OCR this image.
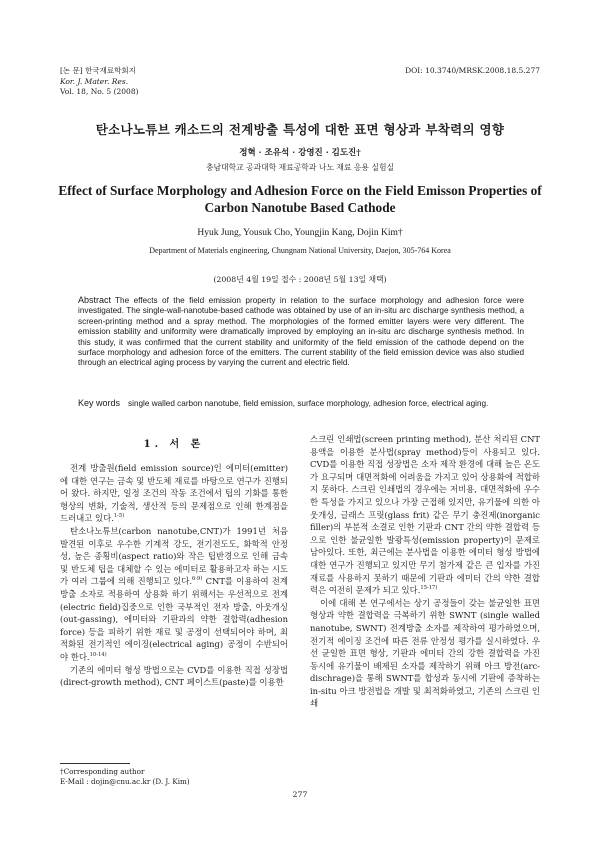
[논 문] 한국재료학회지
Kor. J. Mater. Res.
Vol. 18, No. 5 (2008)
DOI: 10.3740/MRSK.2008.18.5.277
탄소나노튜브 캐소드의 전계방출 특성에 대한 표면 형상과 부착력의 영향
정혁 · 조유석 · 강영진 · 김도진†
충남대학교 공과대학 재료공학과 나노 재료 응용 실험실
Effect of Surface Morphology and Adhesion Force on the Field Emisson Properties of Carbon Nanotube Based Cathode
Hyuk Jung, Yousuk Cho, Youngjin Kang, Dojin Kim†
Department of Materials engineering, Chungnam National University, Daejon, 305-764 Korea
(2008년 4월 19일 접수 : 2008년 5월 13일 채택)
Abstract The effects of the field emission property in relation to the surface morphology and adhesion force were investigated. The single-wall-nanotube-based cathode was obtained by use of an in-situ arc discharge synthesis method, a screen-printing method and a spray method. The morphologies of the formed emitter layers were very different. The emission stability and uniformity were dramatically improved by employing an in-situ arc discharge synthesis method. In this study, it was confirmed that the current stability and uniformity of the field emission of the cathode depend on the surface morphology and adhesion force of the emitters. The current stability of the field emission device was also studied through an electrical aging process by varying the current and electric field.
Key words single walled carbon nanotube, field emission, surface morphology, adhesion force, electrical aging.
1. 서 론

전계 방출원(field emission source)인 에미터(emitter)에 대한 연구는 금속 및 반도체 재료를 바탕으로 연구가 진행되어 왔다. 하지만, 일정 조건의 작동 조건에서 팁의 기화를 통한 형상의 변화, 기술적, 생산적 등의 문제점으로 인해 한계점을 드러내고 있다.$^{1-5)}$

탄소나노튜브(carbon nanotube,CNT)가 1991년 처음 발견된 이후로 우수한 기계적 강도, 전기전도도, 화학적 안정성, 높은 종횡비(aspect ratio)와 작은 팁반경으로 인해 금속 및 반도체 팁을 대체할 수 있는 에미터로 활용하고자 하는 시도가 여러 그룹에 의해 진행되고 있다.$^{6-9)}$ CNT를 이용하여 전계방출 소자로 적용하여 상용화 하기 위해서는 우선적으로 전계(electric field)집중으로 인한 국부적인 전자 방출, 아웃개싱(out-gassing), 에미터와 기판과의 약한 결합력(adhesion force) 등을 피하기 위한 재료 및 공정이 선택되어야 하며, 최적화된 전기적인 에이징(electrical aging) 공정이 수반되어야 한다.$^{10-14)}$

기존의 에미터 형성 방법으로는 CVD를 이용한 직접 성장법(direct-growth method), CNT 페이스트(paste)를 이용한

스크린 인쇄법(screen printing method), 분산 처리된 CNT 용액을 이용한 분사법(spray method)등이 사용되고 있다. CVD를 이용한 직접 성장법은 소자 제작 환경에 대해 높은 온도가 요구되며 대면적화에 어려움을 가지고 있어 상용화에 적합하지 못하다. 스크린 인쇄법의 경우에는 저비용, 대면적화에 우수한 특성을 가지고 있으나 가장 근접해 있지만, 유기물에 의한 아웃개싱, 글래스 프릿(glass frit) 같은 무기 충진제(inorganic filler)의 부분적 소결로 인한 기판과 CNT 간의 약한 결합력 등으로 인한 불균일한 발광특성(emission property)이 문제로 남아있다. 또한, 최근에는 분사법을 이용한 에미터 형성 방법에 대한 연구가 진행되고 있지만 무기 첨가제 같은 큰 입자를 가진 재료를 사용하지 못하기 때문에 기판과 에미터 간의 약한 결합력은 여전히 문제가 되고 있다.$^{15-17)}$

이에 대해 본 연구에서는 상기 공정들이 갖는 불균일한 표면형상과 약한 결합력을 극복하기 위한 SWNT (single walled nanotube, SWNT) 전계방출 소자를 제작하여 평가하였으며, 전기적 에이징 조건에 따른 전류 안정성 평가를 실시하였다. 우선 균일한 표면 형상, 기판과 에미터 간의 강한 결합력을 가진 동시에 유기물이 배제된 소자를 제작하기 위해 아크 방전(arc-dischrage)을 통해 SWNT를 합성과 동시에 기판에 증착하는 in-situ 아크 방전법을 개발 및 최적화하였고, 기존의 스크린 인쇄

†Corresponding author
E-Mail : dojin@cnu.ac.kr (D. J. Kim)
277
